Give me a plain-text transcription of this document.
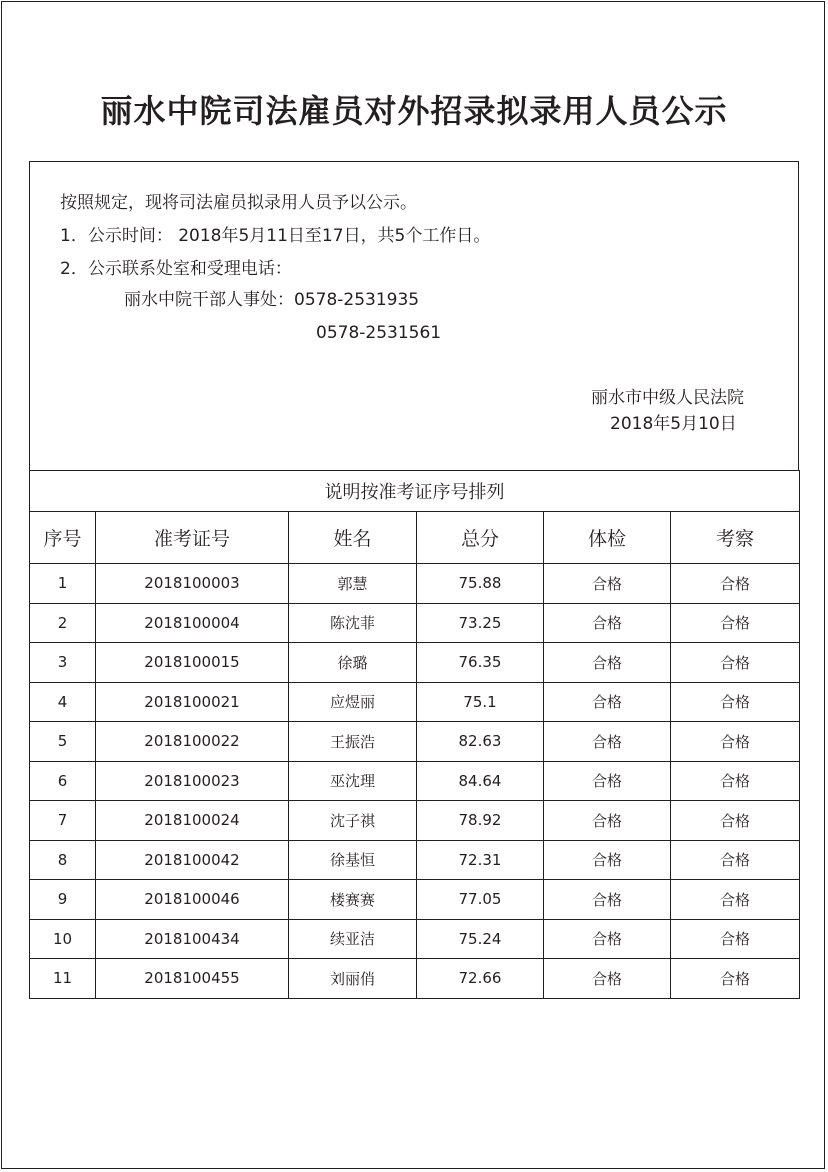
丽水中院司法雇员对外招录拟录用人员公示
按照规定，现将司法雇员拟录用人员予以公示。
1．公示时间： 2018年5月11日至17日，共5个工作日。
2．公示联系处室和受理电话：
丽水中院干部人事处：0578-2531935
0578-2531561
丽水市中级人民法院
2018年5月10日
说明按准考证序号排列					
序号	准考证号	姓名	总分	体检	考察
1	2018100003	郭慧	75.88	合格	合格
2	2018100004	陈沈菲	73.25	合格	合格
3	2018100015	徐璐	76.35	合格	合格
4	2018100021	应煜丽	75.1	合格	合格
5	2018100022	王振浩	82.63	合格	合格
6	2018100023	巫沈理	84.64	合格	合格
7	2018100024	沈子祺	78.92	合格	合格
8	2018100042	徐基恒	72.31	合格	合格
9	2018100046	楼赛赛	77.05	合格	合格
10	2018100434	续亚洁	75.24	合格	合格
11	2018100455	刘丽俏	72.66	合格	合格
